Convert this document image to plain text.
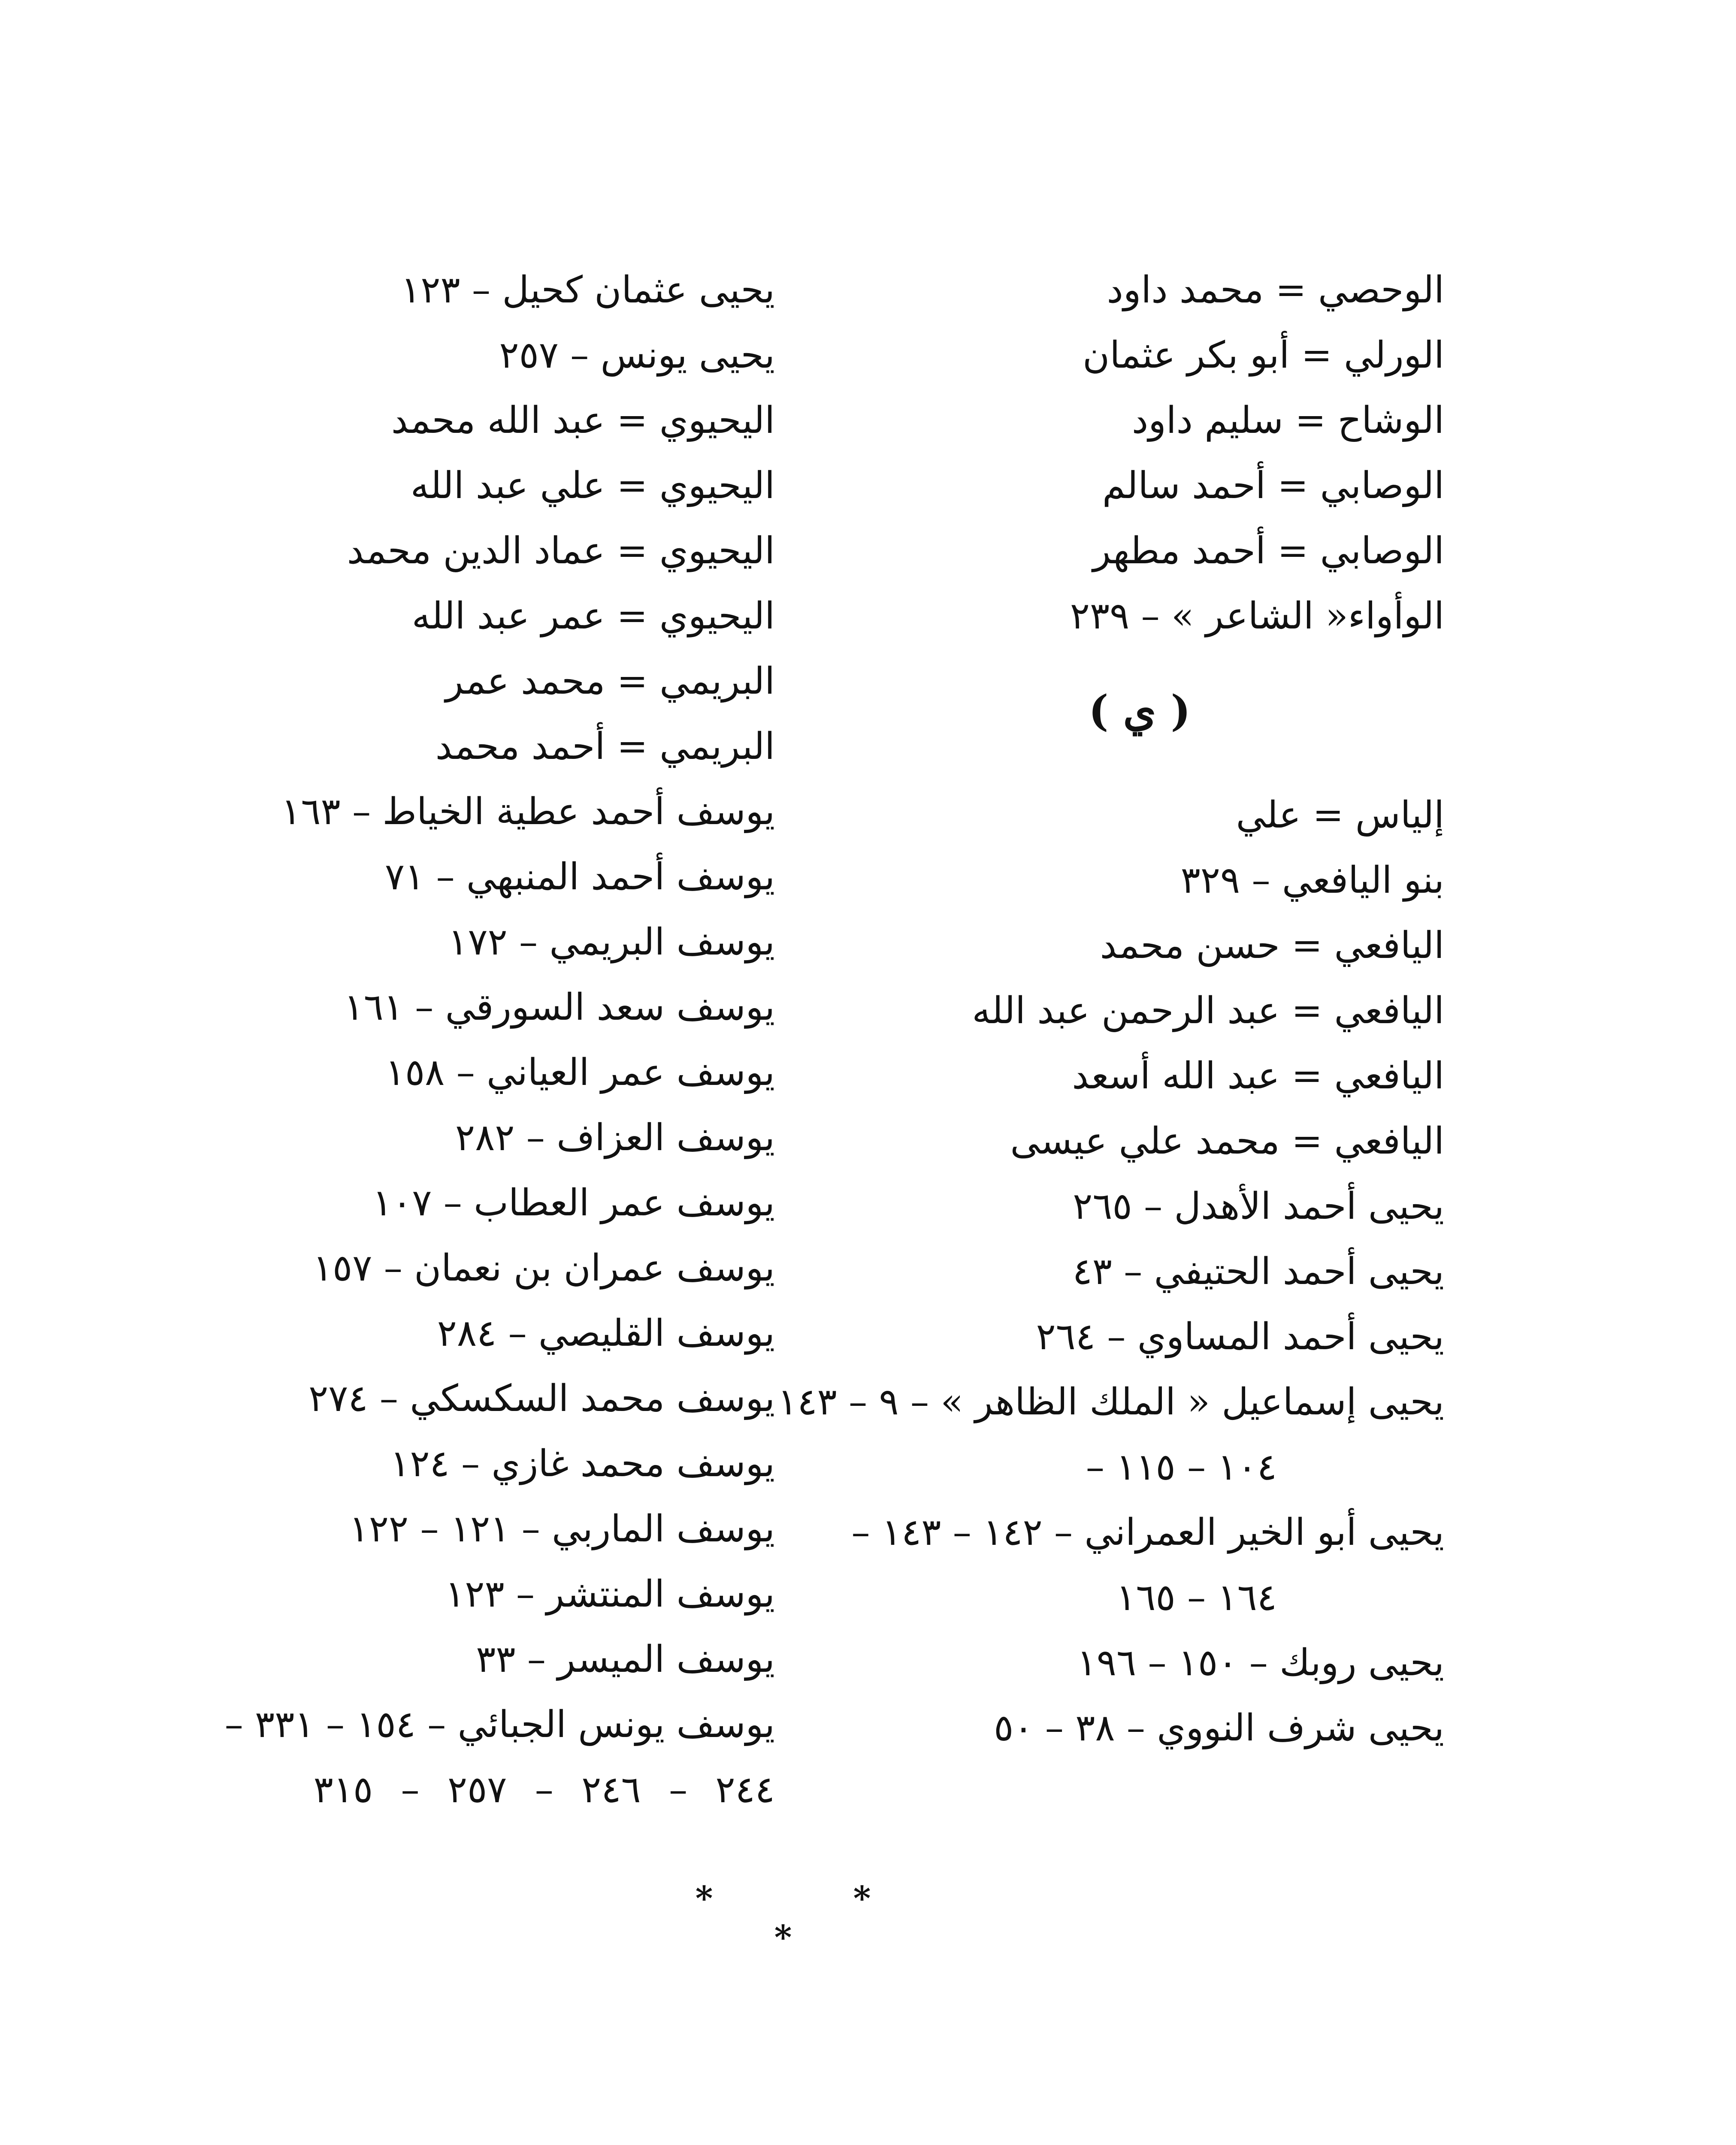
الوحصي = محمد داود
الورلي = أبو بكر عثمان
الوشاح = سليم داود
الوصابي = أحمد سالم
الوصابي = أحمد مطهر
الوأواء« الشاعر » – ٢٣٩
( ي )
إلياس = علي
بنو اليافعي – ٣٢٩
اليافعي = حسن محمد
اليافعي = عبد الرحمن عبد الله
اليافعي = عبد الله أسعد
اليافعي = محمد علي عيسى
يحيى أحمد الأهدل – ٢٦٥
يحيى أحمد الحتيفي – ٤٣
يحيى أحمد المساوي – ٢٦٤
يحيى إسماعيل « الملك الظاهر » – ٩ – ١٤٣
– ١٠٤ – ١١٥
يحيى أبو الخير العمراني – ١٤٢ – ١٤٣ –
١٦٤ – ١٦٥
يحيى روبك – ١٥٠ – ١٩٦
يحيى شرف النووي – ٣٨ – ٥٠
يحيى عثمان كحيل – ١٢٣
يحيى يونس – ٢٥٧
اليحيوي = عبد الله محمد
اليحيوي = علي عبد الله
اليحيوي = عماد الدين محمد
اليحيوي = عمر عبد الله
البريمي = محمد عمر
البريمي = أحمد محمد
يوسف أحمد عطية الخياط – ١٦٣
يوسف أحمد المنبهي – ٧١
يوسف البريمي – ١٧٢
يوسف سعد السورقي – ١٦١
يوسف عمر العياني – ١٥٨
يوسف العزاف – ٢٨٢
يوسف عمر العطاب – ١٠٧
يوسف عمران بن نعمان – ١٥٧
يوسف القليصي – ٢٨٤
يوسف محمد السكسكي – ٢٧٤
يوسف محمد غازي – ١٢٤
يوسف الماربي – ١٢١ – ١٢٢
يوسف المنتشر – ١٢٣
يوسف الميسر – ٣٣
يوسف يونس الجبائي – ١٥٤ – ٣٣١ –
٢٤٤ – ٢٤٦ – ٢٥٧ – ٣١٥
* * *
